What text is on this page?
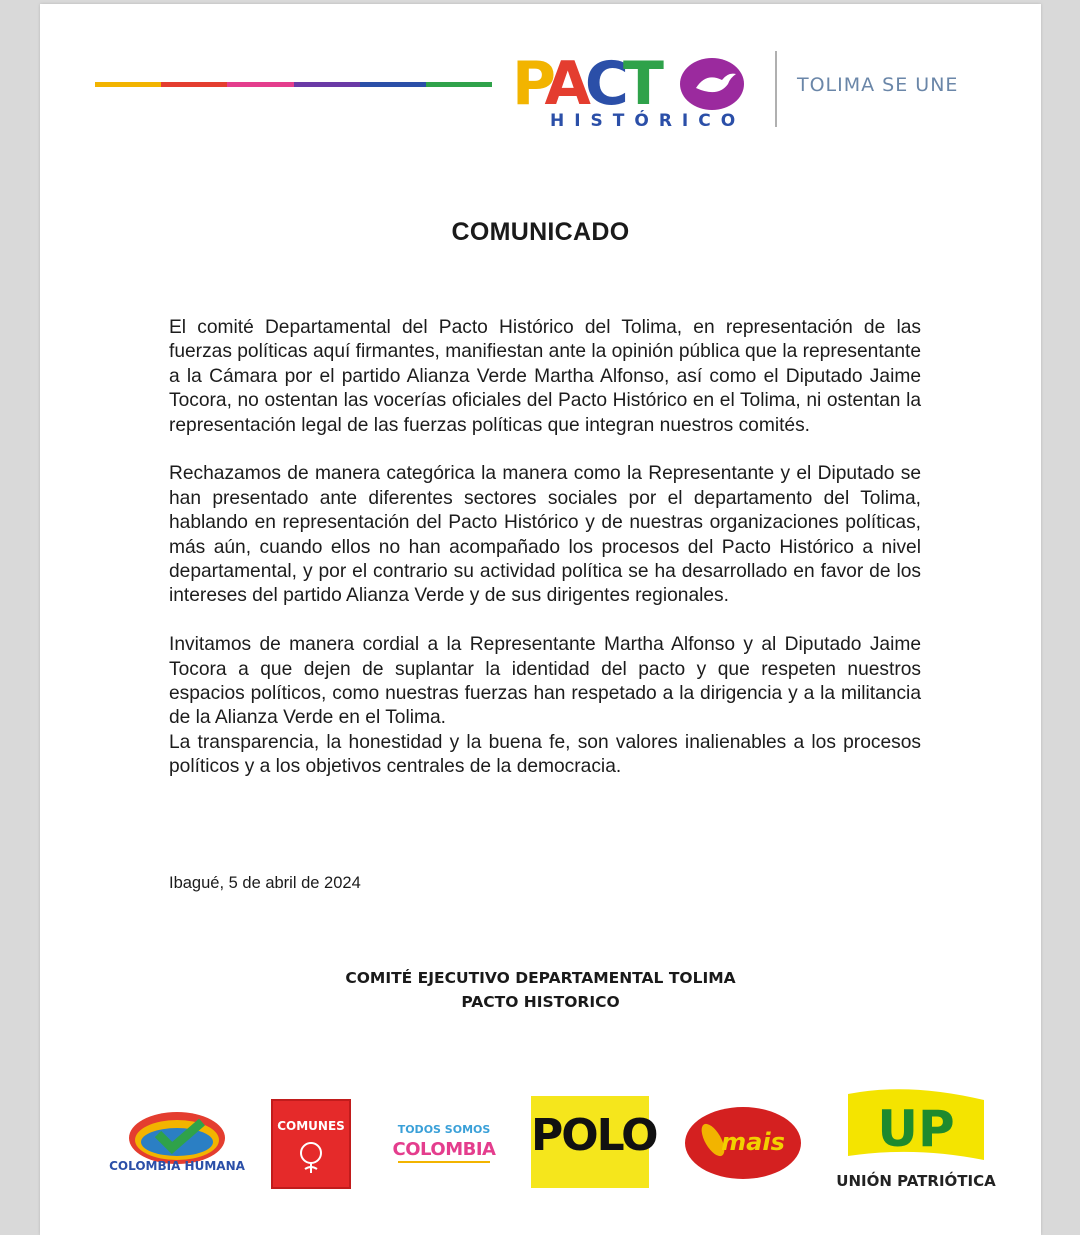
PACT
HISTÓRICO
TOLIMA SE UNE
COMUNICADO

El comité Departamental del Pacto Histórico del Tolima, en representación de las fuerzas políticas aquí firmantes, manifiestan ante la opinión pública que la representante a la Cámara por el partido Alianza Verde Martha Alfonso, así como el Diputado Jaime Tocora, no ostentan las vocerías oficiales del Pacto Histórico en el Tolima, ni ostentan la representación legal de las fuerzas políticas que integran nuestros comités.

Rechazamos de manera categórica la manera como la Representante y el Diputado se han presentado ante diferentes sectores sociales por el departamento del Tolima, hablando en representación del Pacto Histórico y de nuestras organizaciones políticas, más aún, cuando ellos no han acompañado los procesos del Pacto Histórico a nivel departamental, y por el contrario su actividad política se ha desarrollado en favor de los intereses del partido Alianza Verde y de sus dirigentes regionales.

Invitamos de manera cordial a la Representante Martha Alfonso y al Diputado Jaime Tocora a que dejen de suplantar la identidad del pacto y que respeten nuestros espacios políticos, como nuestras fuerzas han respetado a la dirigencia y a la militancia de la Alianza Verde en el Tolima.

La transparencia, la honestidad y la buena fe, son valores inalienables a los procesos políticos y a los objetivos centrales de la democracia.

Ibagué, 5 de abril de 2024
COMITÉ EJECUTIVO DEPARTAMENTAL TOLIMA
PACTO HISTORICO
COLOMBIA HUMANA
COMUNES	TODOS SOMOS
COLOMBIA POLO	mais UP
UNIÓN PATRIÓTICA
